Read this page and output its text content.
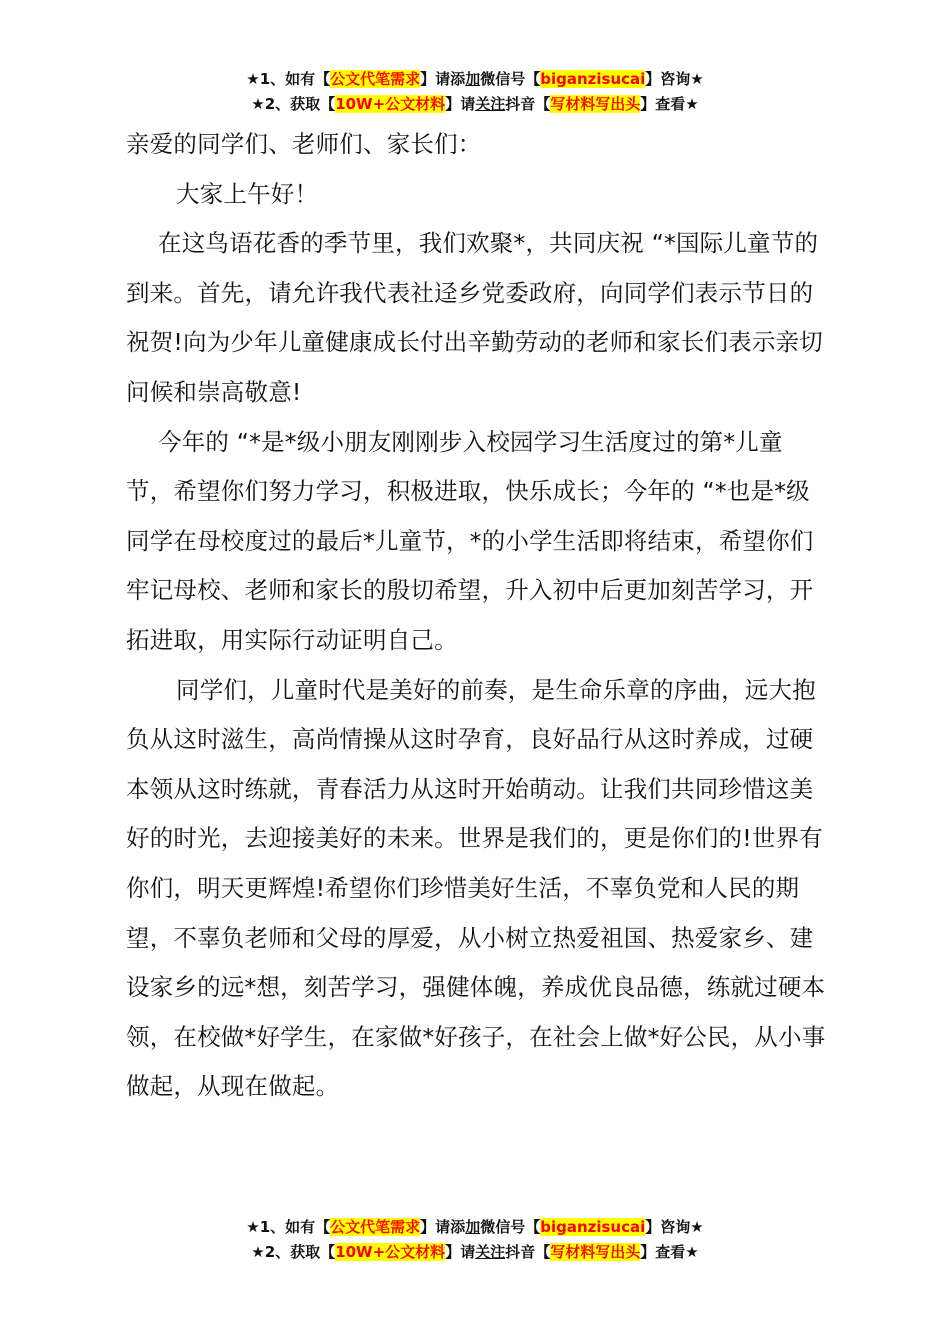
★1、如有【公文代笔需求】请添加微信号【biganzisucai】咨询★
★2、获取【10W+公文材料】请关注抖音【写材料写出头】查看★

亲爱的同学们、老师们、家长们：

大家上午好！

在这鸟语花香的季节里，我们欢聚*，共同庆祝 “*国际儿童节的到来。首先，请允许我代表社迳乡党委政府，向同学们表示节日的祝贺!向为少年儿童健康成长付出辛勤劳动的老师和家长们表示亲切问候和崇高敬意!

今年的 “*是*级小朋友刚刚步入校园学习生活度过的第*儿童节，希望你们努力学习，积极进取，快乐成长；今年的 “*也是*级同学在母校度过的最后*儿童节，*的小学生活即将结束，希望你们牢记母校、老师和家长的殷切希望，升入初中后更加刻苦学习，开拓进取，用实际行动证明自己。

同学们，儿童时代是美好的前奏，是生命乐章的序曲，远大抱负从这时滋生，高尚情操从这时孕育，良好品行从这时养成，过硬本领从这时练就，青春活力从这时开始萌动。让我们共同珍惜这美好的时光，去迎接美好的未来。世界是我们的，更是你们的!世界有你们，明天更辉煌!希望你们珍惜美好生活，不辜负党和人民的期望，不辜负老师和父母的厚爱，从小树立热爱祖国、热爱家乡、建设家乡的远*想，刻苦学习，强健体魄，养成优良品德，练就过硬本领，在校做*好学生，在家做*好孩子，在社会上做*好公民，从小事做起，从现在做起。

★1、如有【公文代笔需求】请添加微信号【biganzisucai】咨询★
★2、获取【10W+公文材料】请关注抖音【写材料写出头】查看★
